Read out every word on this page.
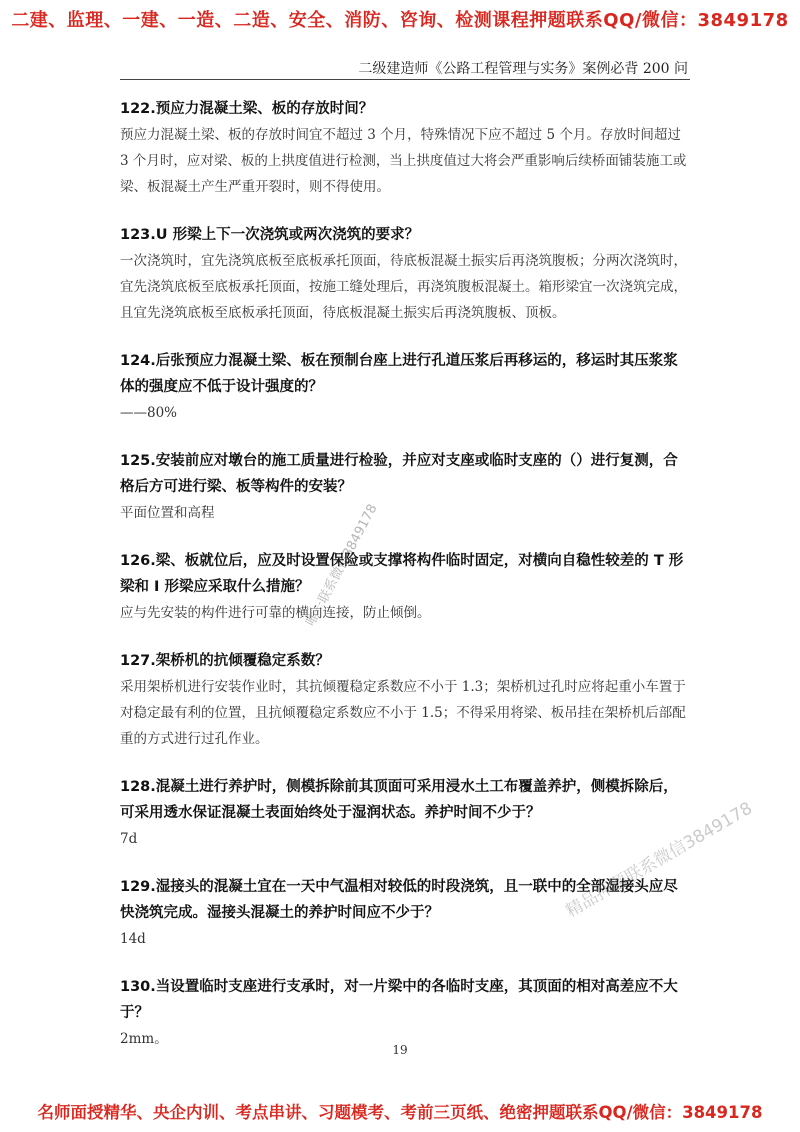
二建、监理、一建、一造、二造、安全、消防、咨询、检测课程押题联系QQ/微信：3849178
二级建造师《公路工程管理与实务》案例必背 200 问
122.预应力混凝土梁、板的存放时间？
预应力混凝土梁、板的存放时间宜不超过 3 个月，特殊情况下应不超过 5 个月。存放时间超过 3 个月时，应对梁、板的上拱度值进行检测，当上拱度值过大将会严重影响后续桥面铺装施工或梁、板混凝土产生严重开裂时，则不得使用。
123.U 形梁上下一次浇筑或两次浇筑的要求？
一次浇筑时，宜先浇筑底板至底板承托顶面，待底板混凝土振实后再浇筑腹板；分两次浇筑时，宜先浇筑底板至底板承托顶面，按施工缝处理后，再浇筑腹板混凝土。箱形梁宜一次浇筑完成，且宜先浇筑底板至底板承托顶面，待底板混凝土振实后再浇筑腹板、顶板。
124.后张预应力混凝土梁、板在预制台座上进行孔道压浆后再移运的，移运时其压浆浆体的强度应不低于设计强度的？
——80%
125.安装前应对墩台的施工质量进行检验，并应对支座或临时支座的（）进行复测，合格后方可进行梁、板等构件的安装？
平面位置和高程
126.梁、板就位后，应及时设置保险或支撑将构件临时固定，对横向自稳性较差的 T 形梁和 I 形梁应采取什么措施？
应与先安装的构件进行可靠的横向连接，防止倾倒。
127.架桥机的抗倾覆稳定系数？
采用架桥机进行安装作业时，其抗倾覆稳定系数应不小于 1.3；架桥机过孔时应将起重小车置于对稳定最有利的位置，且抗倾覆稳定系数应不小于 1.5；不得采用将梁、板吊挂在架桥机后部配重的方式进行过孔作业。
128.混凝土进行养护时，侧模拆除前其顶面可采用浸水土工布覆盖养护，侧模拆除后，可采用透水保证混凝土表面始终处于湿润状态。养护时间不少于？
7d
129.湿接头的混凝土宜在一天中气温相对较低的时段浇筑，且一联中的全部湿接头应尽快浇筑完成。湿接头混凝土的养护时间应不少于？
14d
130.当设置临时支座进行支承时，对一片梁中的各临时支座，其顶面的相对高差应不大于？
2mm。
唯一联系微信3849178
精品押题联系微信3849178
19
名师面授精华、央企内训、考点串讲、习题模考、考前三页纸、绝密押题联系QQ/微信：3849178
